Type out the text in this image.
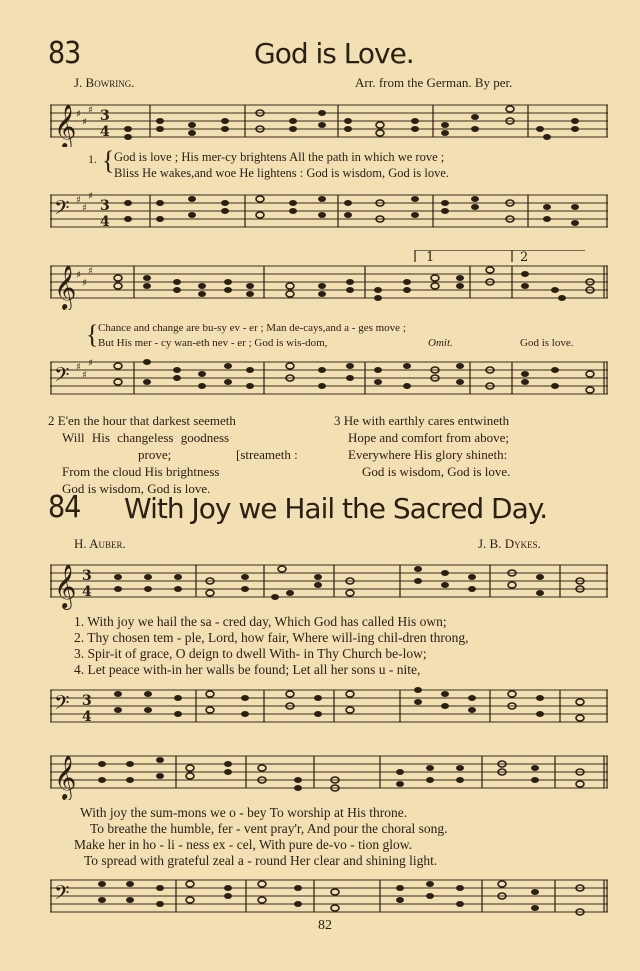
83	God is Love.
J. Bowring.	Arr. from the German. By per.
𝄞 ♯
♯
♯ 3
4
1. { God is love ; His mer-cy brightens All the path in which we rove ;
Bliss He wakes,and woe He lightens : God is wisdom, God is love.
𝄢 ♯
♯
♯
3
4
𝄞 ♯
♯
♯
1	2
{ Chance and change are bu-sy ev - er ; Man de-cays,and a - ges move ;
But His mer - cy wan-eth nev - er ; God is wis-dom,	Omit.	God is love.
𝄢 ♯
♯
♯
2 E'en the hour that darkest seemeth
Will His changeless goodness
prove;	[streameth :
From the cloud His brightness
God is wisdom, God is love.
3 He with earthly cares entwineth
Hope and comfort from above;
Everywhere His glory shineth:
God is wisdom, God is love.
84 With Joy we Hail the Sacred Day.
H. Auber.	J. B. Dykes.
𝄞 3
4
1. With joy we hail the sa - cred day, Which God has called His own;
2. Thy chosen tem - ple, Lord, how fair, Where will-ing chil-dren throng,
3. Spir-it of grace, O deign to dwell With- in Thy Church be-low;
4. Let peace with-in her walls be found; Let all her sons u - nite,
𝄢 3
4
𝄞
With joy the sum-mons we o - bey To worship at His throne.
To breathe the humble, fer - vent pray'r, And pour the choral song.
Make her in ho - li - ness ex - cel, With pure de-vo - tion glow.
To spread with grateful zeal a - round Her clear and shining light.
𝄢
82
